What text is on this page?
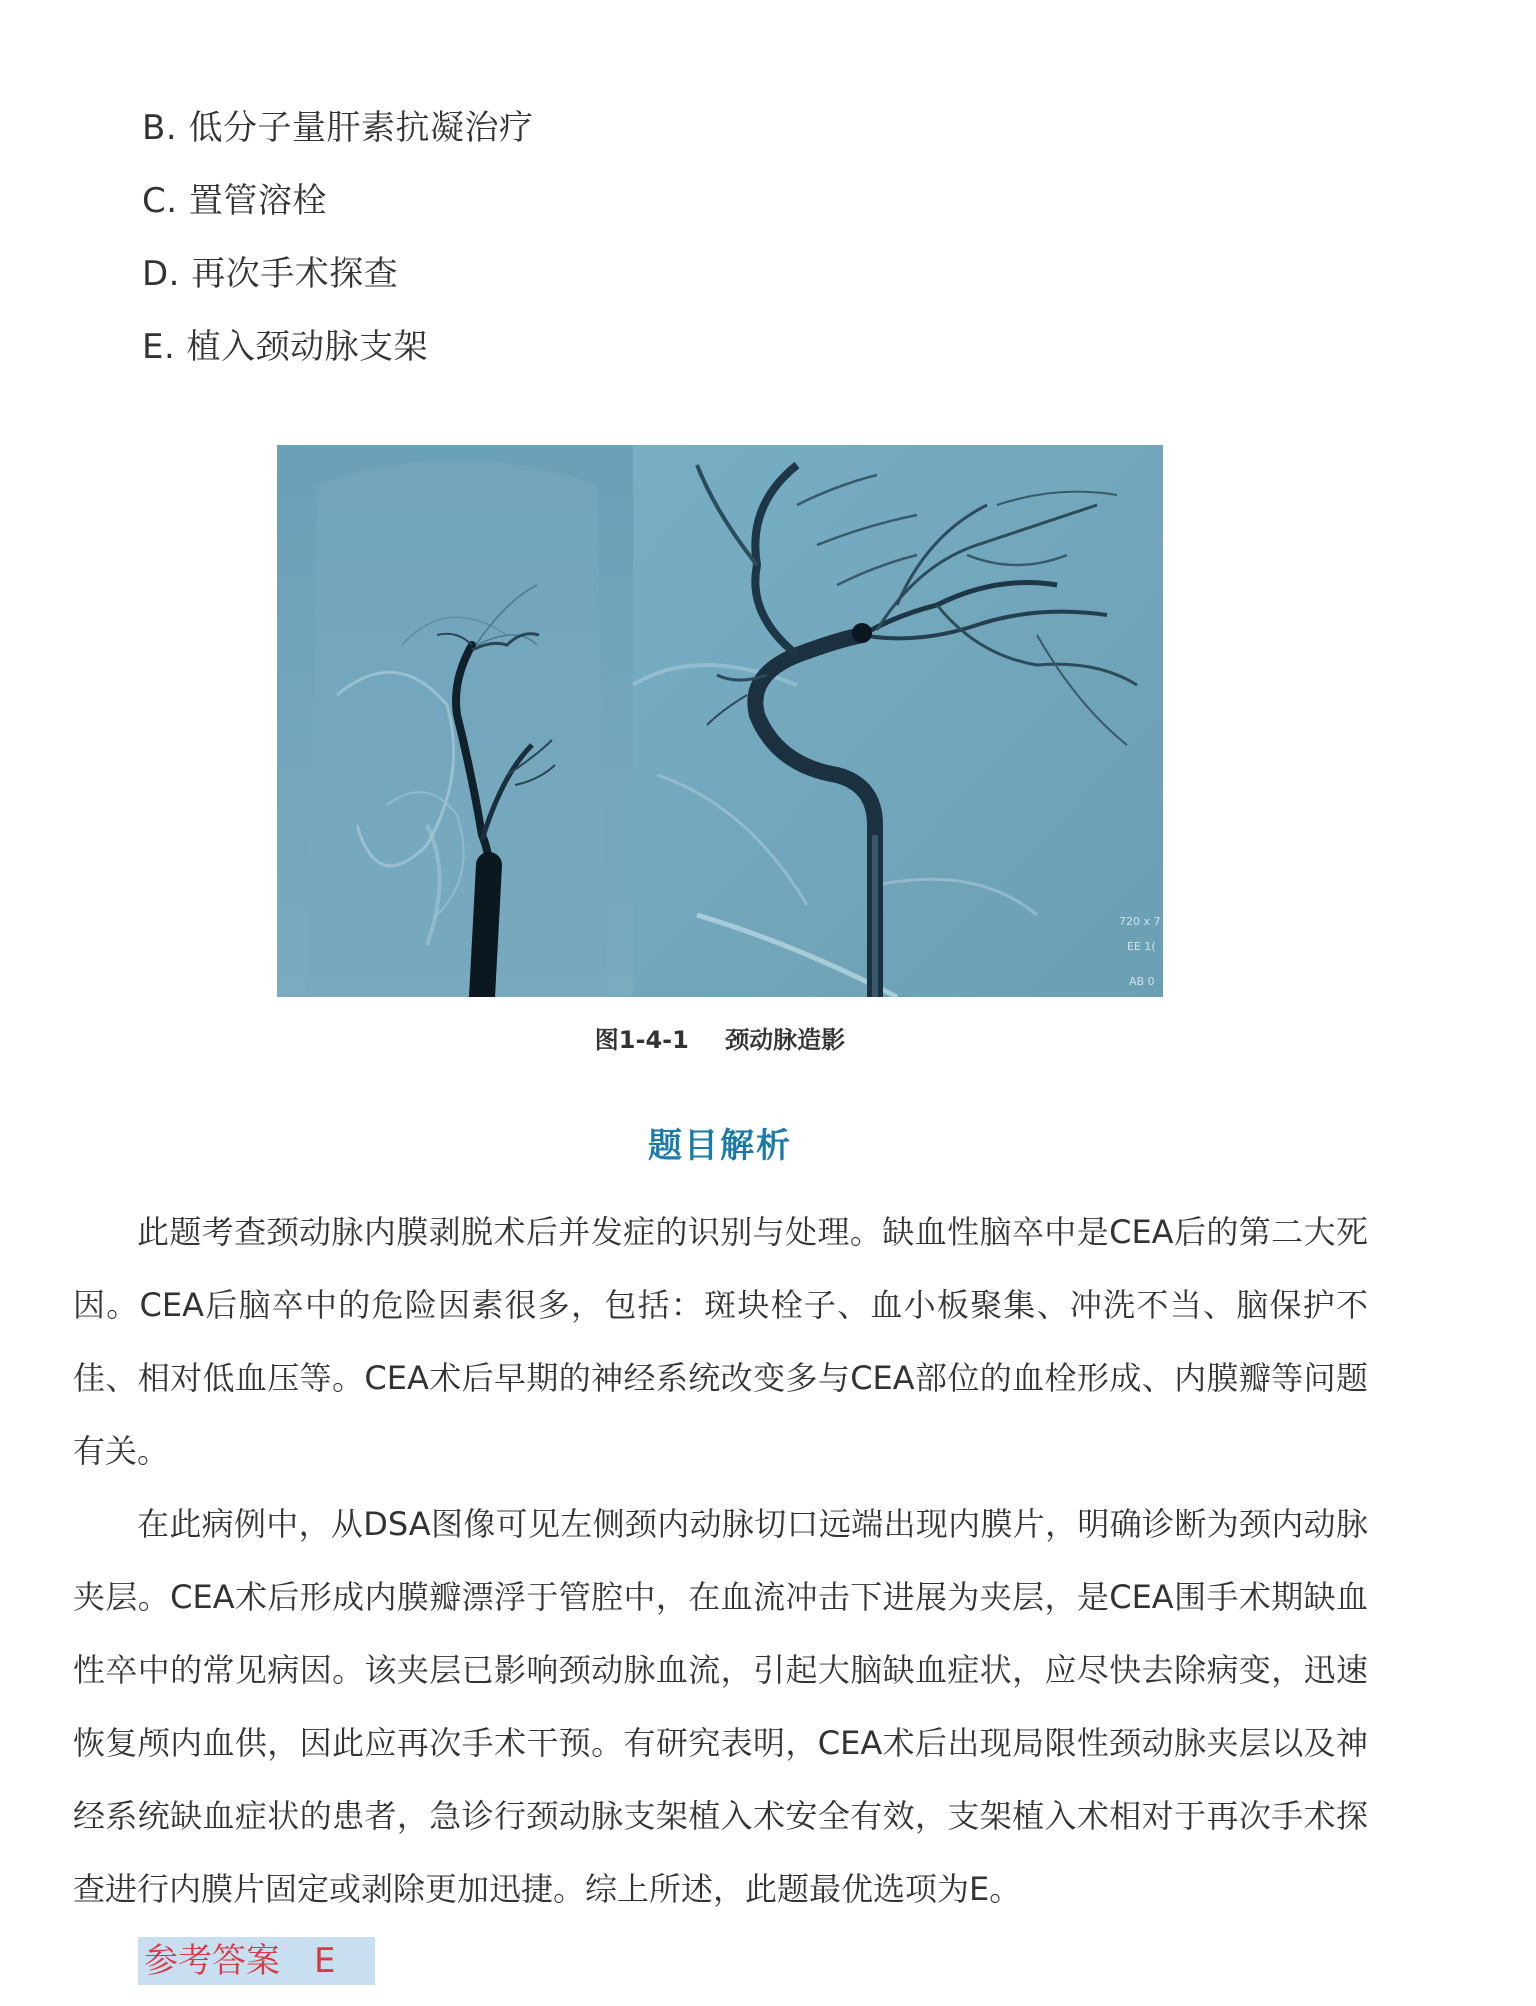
B. 低分子量肝素抗凝治疗
C. 置管溶栓
D. 再次手术探查
E. 植入颈动脉支架
720 x 7
EE 1(
AB 0
图1-4-1 颈动脉造影
题目解析

此题考查颈动脉内膜剥脱术后并发症的识别与处理。缺血性脑卒中是CEA后的第二大死因。CEA后脑卒中的危险因素很多，包括：斑块栓子、血小板聚集、冲洗不当、脑保护不佳、相对低血压等。CEA术后早期的神经系统改变多与CEA部位的血栓形成、内膜瓣等问题有关。

在此病例中，从DSA图像可见左侧颈内动脉切口远端出现内膜片，明确诊断为颈内动脉夹层。CEA术后形成内膜瓣漂浮于管腔中，在血流冲击下进展为夹层，是CEA围手术期缺血性卒中的常见病因。该夹层已影响颈动脉血流，引起大脑缺血症状，应尽快去除病变，迅速恢复颅内血供，因此应再次手术干预。有研究表明，CEA术后出现局限性颈动脉夹层以及神经系统缺血症状的患者，急诊行颈动脉支架植入术安全有效，支架植入术相对于再次手术探查进行内膜片固定或剥除更加迅捷。综上所述，此题最优选项为E。

参考答案 E
